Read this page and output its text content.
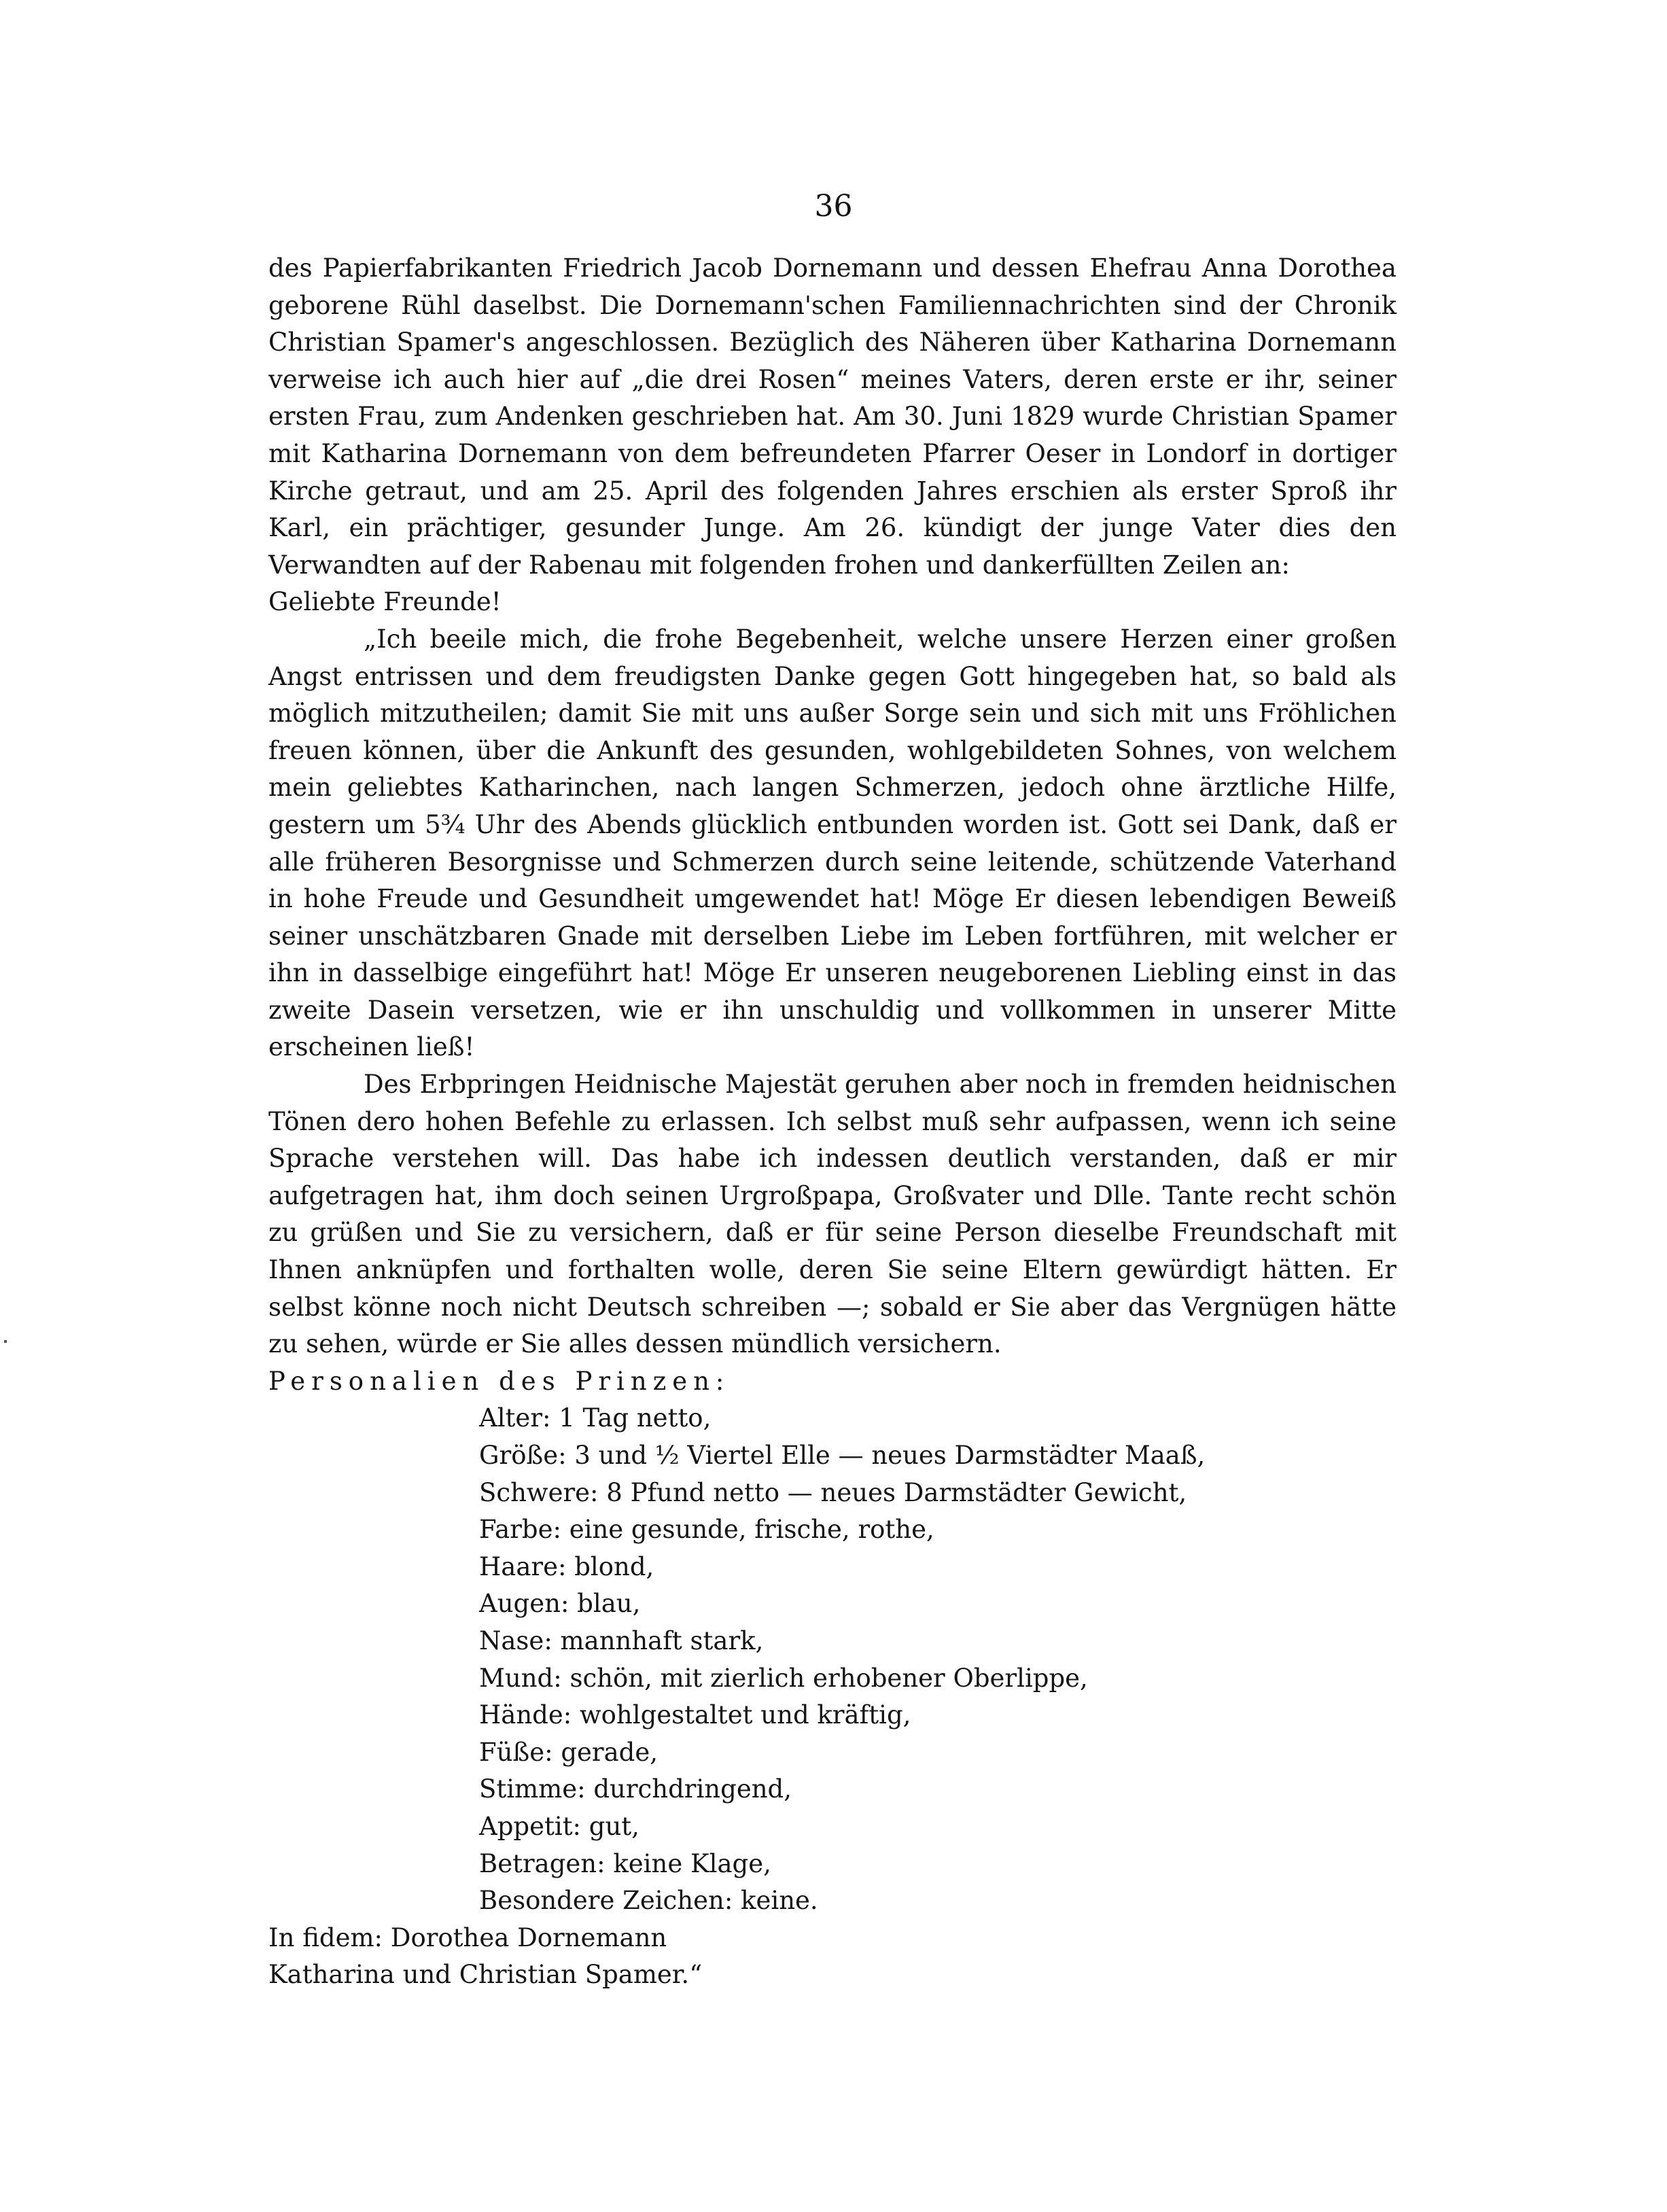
36

des Papierfabrikanten Friedrich Jacob Dornemann und dessen Ehefrau Anna Dorothea geborene Rühl daselbst. Die Dornemann'schen Familiennachrichten sind der Chronik Christian Spamer's angeschlossen. Bezüglich des Näheren über Katharina Dornemann verweise ich auch hier auf „die drei Rosen“ meines Vaters, deren erste er ihr, seiner ersten Frau, zum Andenken geschrieben hat. Am 30. Juni 1829 wurde Christian Spamer mit Katharina Dornemann von dem befreundeten Pfarrer Oeser in Londorf in dortiger Kirche getraut, und am 25. April des folgenden Jahres erschien als erster Sproß ihr Karl, ein prächtiger, gesunder Junge. Am 26. kündigt der junge Vater dies den Verwandten auf der Rabenau mit folgenden frohen und dankerfüllten Zeilen an:

Geliebte Freunde!

„Ich beeile mich, die frohe Begebenheit, welche unsere Herzen einer großen Angst entrissen und dem freudigsten Danke gegen Gott hingegeben hat, so bald als möglich mitzutheilen; damit Sie mit uns außer Sorge sein und sich mit uns Fröhlichen freuen können, über die Ankunft des gesunden, wohlgebildeten Sohnes, von welchem mein geliebtes Katharinchen, nach langen Schmerzen, jedoch ohne ärztliche Hilfe, gestern um 5¾ Uhr des Abends glücklich entbunden worden ist. Gott sei Dank, daß er alle früheren Besorgnisse und Schmerzen durch seine leitende, schützende Vaterhand in hohe Freude und Gesundheit umgewendet hat! Möge Er diesen lebendigen Beweiß seiner unschätzbaren Gnade mit derselben Liebe im Leben fortführen, mit welcher er ihn in dasselbige eingeführt hat! Möge Er unseren neugeborenen Liebling einst in das zweite Dasein versetzen, wie er ihn unschuldig und vollkommen in unserer Mitte erscheinen ließ!

Des Erbpringen Heidnische Majestät geruhen aber noch in fremden heidnischen Tönen dero hohen Befehle zu erlassen. Ich selbst muß sehr aufpassen, wenn ich seine Sprache verstehen will. Das habe ich indessen deutlich verstanden, daß er mir aufgetragen hat, ihm doch seinen Urgroßpapa, Großvater und Dlle. Tante recht schön zu grüßen und Sie zu versichern, daß er für seine Person dieselbe Freundschaft mit Ihnen anknüpfen und forthalten wolle, deren Sie seine Eltern gewürdigt hätten. Er selbst könne noch nicht Deutsch schreiben —; sobald er Sie aber das Vergnügen hätte zu sehen, würde er Sie alles dessen mündlich versichern.

Personalien des Prinzen:

Alter: 1 Tag netto,
Größe: 3 und ½ Viertel Elle — neues Darmstädter Maaß,
Schwere: 8 Pfund netto — neues Darmstädter Gewicht,
Farbe: eine gesunde, frische, rothe,
Haare: blond,
Augen: blau,
Nase: mannhaft stark,
Mund: schön, mit zierlich erhobener Oberlippe,
Hände: wohlgestaltet und kräftig,
Füße: gerade,
Stimme: durchdringend,
Appetit: gut,
Betragen: keine Klage,
Besondere Zeichen: keine.

In fidem: Dorothea Dornemann

Katharina und Christian Spamer.“
